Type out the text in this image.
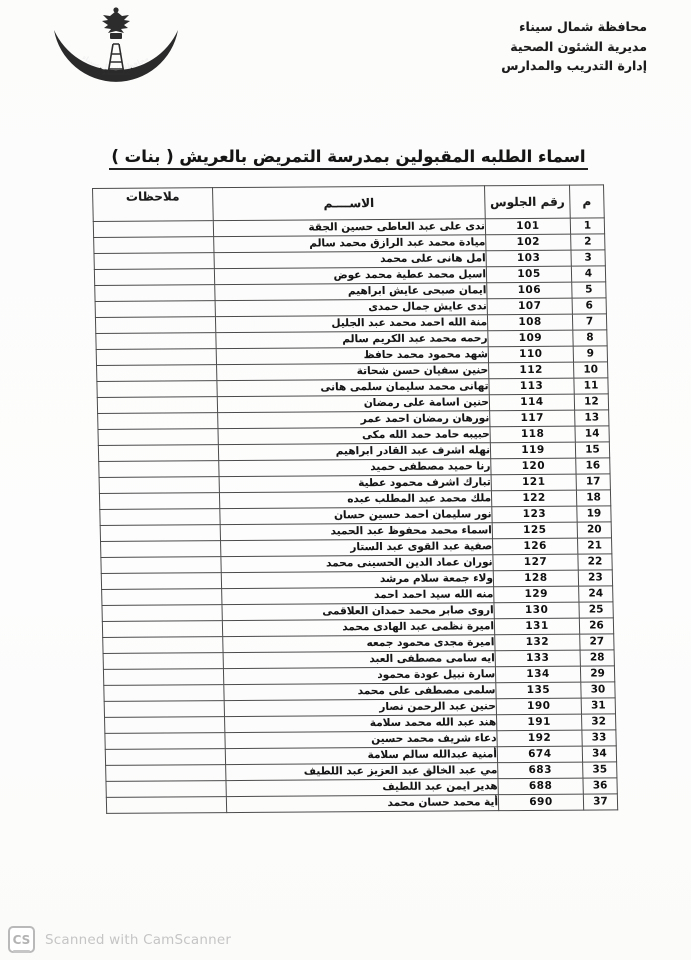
محافظة شمال سيناء
محافظة شمال سيناء
مديرية الشئون الصحية
إدارة التدريب والمدارس
اسماء الطلبه المقبولين بمدرسة التمريض بالعريش ( بنات )
م	رقم الجلوس	الاســــم	ملاحظات
1	101	ندى على عبد العاطى حسين الجقة	
2	102	ميادة محمد عبد الرازق محمد سالم	
3	103	امل هانى على محمد	
4	105	اسيل محمد عطية محمد عوض	
5	106	ايمان صبحى عايش ابراهيم	
6	107	ندى عايش جمال حمدى	
7	108	منة الله احمد محمد عبد الجليل	
8	109	رحمه محمد عبد الكريم سالم	
9	110	شهد محمود محمد حافظ	
10	112	حنين سفيان حسن شحاتة	
11	113	تهانى محمد سليمان سلمى هانى	
12	114	حنين اسامة على رمضان	
13	117	نورهان رمضان احمد عمر	
14	118	حبيبه حامد حمد الله مكى	
15	119	نهله اشرف عبد القادر ابراهيم	
16	120	رنا حميد مصطفى حميد	
17	121	تبارك اشرف محمود عطية	
18	122	ملك محمد عبد المطلب عبده	
19	123	نور سليمان احمد حسين حسان	
20	125	اسماء محمد محفوظ عبد الحميد	
21	126	صفية عبد القوى عبد الستار	
22	127	نوران عماد الدين الحسينى محمد	
23	128	ولاء جمعة سلام مرشد	
24	129	منه الله سيد احمد احمد	
25	130	اروى صابر محمد حمدان العلاقمى	
26	131	اميرة نظمى عبد الهادى محمد	
27	132	اميرة مجدى محمود جمعه	
28	133	ايه سامى مصطفى العبد	
29	134	سارة نبيل عودة محمود	
30	135	سلمى مصطفى على محمد	
31	190	حنين عبد الرحمن نصار	
32	191	هند عبد الله محمد سلامة	
33	192	دعاء شريف محمد حسين	
34	674	أمنية عبدالله سالم سلامة	
35	683	مي عبد الخالق عبد العزيز عبد اللطيف	
36	688	هدير ايمن عبد اللطيف	
37	690	أية محمد حسان محمد	
CS Scanned with CamScanner
